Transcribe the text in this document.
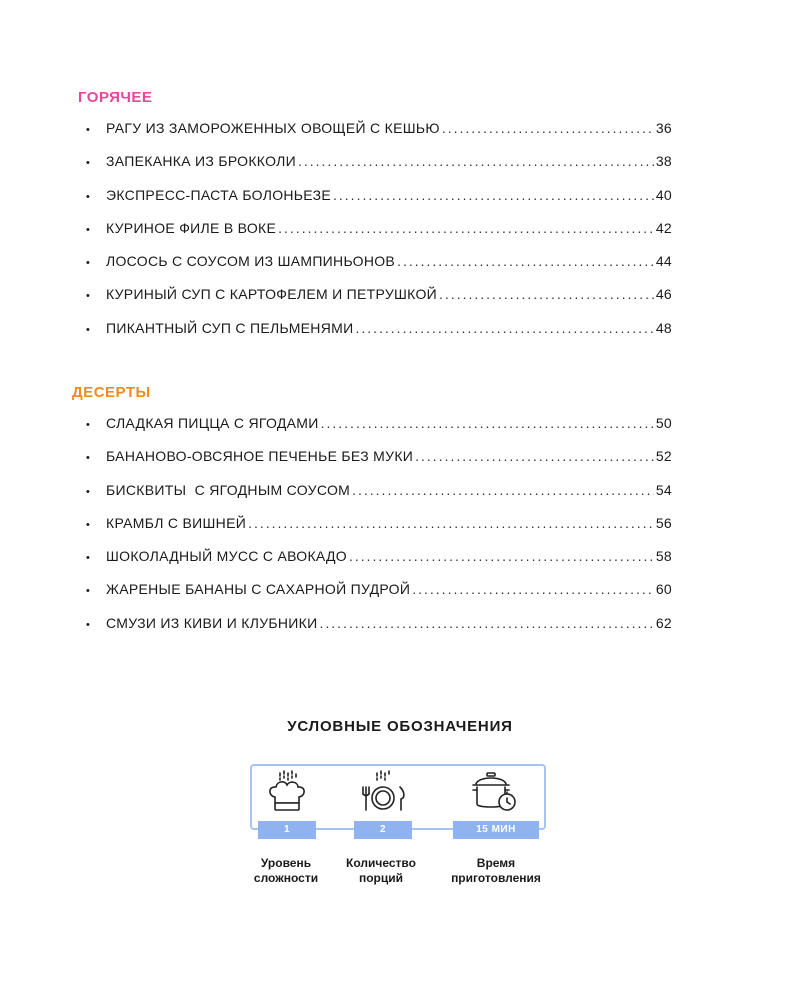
ГОРЯЧЕЕ
•	РАГУ ИЗ ЗАМОРОЖЕННЫХ ОВОЩЕЙ С КЕШЬЮ .....	36
•	ЗАПЕКАНКА ИЗ БРОККОЛИ .....	38
•	ЭКСПРЕСС-ПАСТА БОЛОНЬЕЗЕ .....	40
•	КУРИНОЕ ФИЛЕ В ВОКЕ .....	42
•	ЛОСОСЬ С СОУСОМ ИЗ ШАМПИНЬОНОВ .....	44
•	КУРИНЫЙ СУП С КАРТОФЕЛЕМ И ПЕТРУШКОЙ .....	46
•	ПИКАНТНЫЙ СУП С ПЕЛЬМЕНЯМИ .....	48
ДЕСЕРТЫ
•	СЛАДКАЯ ПИЦЦА С ЯГОДАМИ .....	50
•	БАНАНОВО-ОВСЯНОЕ ПЕЧЕНЬЕ БЕЗ МУКИ .....	52
•	БИСКВИТЫ  С ЯГОДНЫМ СОУСОМ .....	54
•	КРАМБЛ С ВИШНЕЙ .....	56
•	ШОКОЛАДНЫЙ МУСС С АВОКАДО .....	58
•	ЖАРЕНЫЕ БАНАНЫ С САХАРНОЙ ПУДРОЙ .....	60
•	СМУЗИ ИЗ КИВИ И КЛУБНИКИ .....	62
УСЛОВНЫЕ ОБОЗНАЧЕНИЯ
1	2	15 МИН
Уровень
сложности
Количество
порций
Время
приготовления
